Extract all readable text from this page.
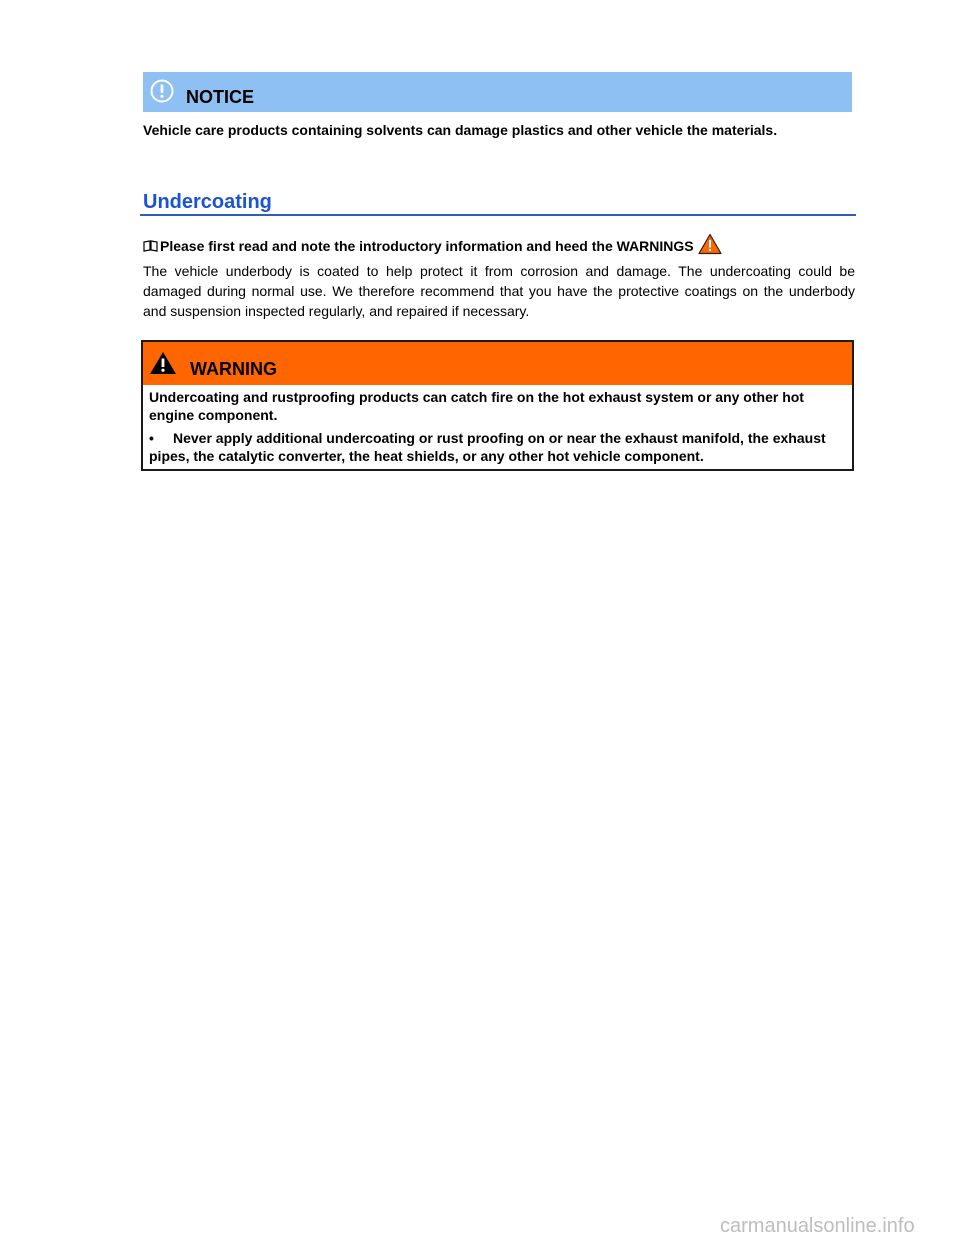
NOTICE
Vehicle care products containing solvents can damage plastics and other vehicle the materials.
Undercoating
Please first read and note the introductory information and heed the WARNINGS
The vehicle underbody is coated to help protect it from corrosion and damage. The undercoating could be damaged during normal use. We therefore recommend that you have the protective coatings on the underbody and suspension inspected regularly, and repaired if necessary.
WARNING
Undercoating and rustproofing products can catch fire on the hot exhaust system or any other hot engine component.
• Never apply additional undercoating or rust proofing on or near the exhaust manifold, the exhaust pipes, the catalytic converter, the heat shields, or any other hot vehicle component.
carmanualsonline.info
